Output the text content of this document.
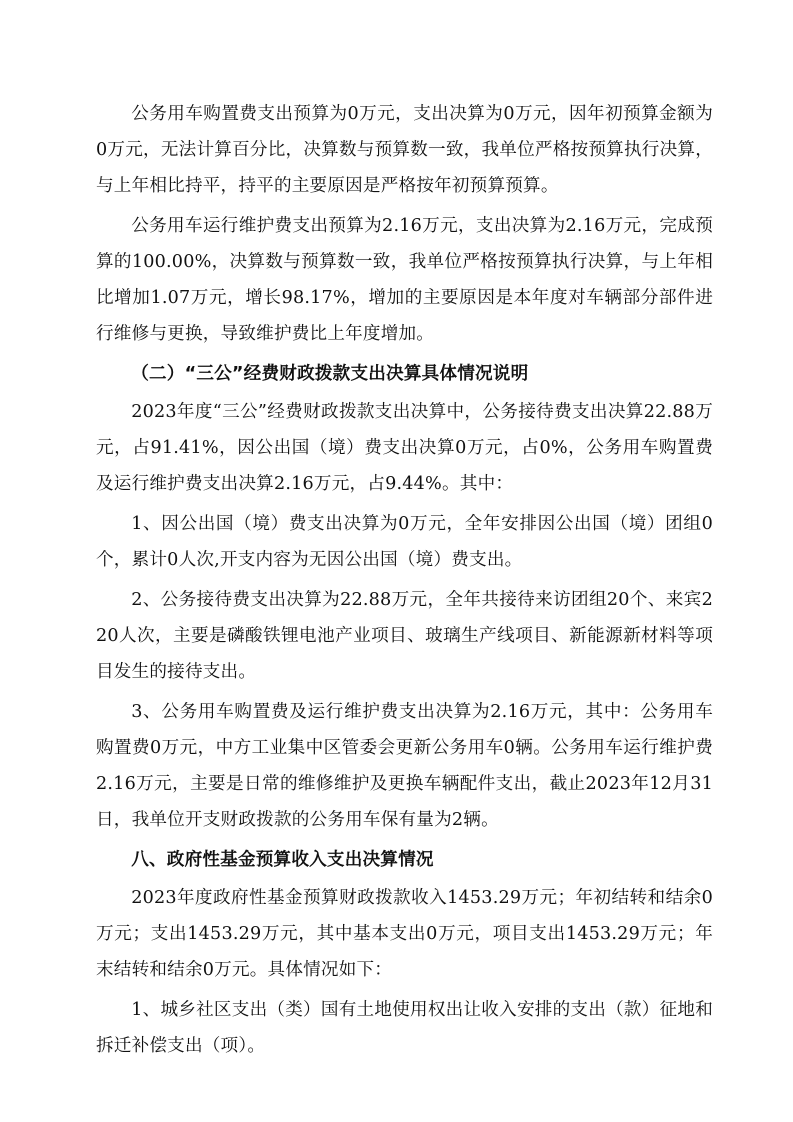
公务用车购置费支出预算为0万元，支出决算为0万元，因年初预算金额为0万元，无法计算百分比，决算数与预算数一致，我单位严格按预算执行决算，与上年相比持平，持平的主要原因是严格按年初预算预算。

公务用车运行维护费支出预算为2.16万元，支出决算为2.16万元，完成预算的100.00%，决算数与预算数一致，我单位严格按预算执行决算，与上年相比增加1.07万元，增长98.17%，增加的主要原因是本年度对车辆部分部件进行维修与更换，导致维护费比上年度增加。

（二）“三公”经费财政拨款支出决算具体情况说明

2023年度“三公”经费财政拨款支出决算中，公务接待费支出决算22.88万元，占91.41%，因公出国（境）费支出决算0万元，占0%，公务用车购置费及运行维护费支出决算2.16万元，占9.44%。其中：

1、因公出国（境）费支出决算为0万元，全年安排因公出国（境）团组0个，累计0人次,开支内容为无因公出国（境）费支出。

2、公务接待费支出决算为22.88万元，全年共接待来访团组20个、来宾220人次，主要是磷酸铁锂电池产业项目、玻璃生产线项目、新能源新材料等项目发生的接待支出。

3、公务用车购置费及运行维护费支出决算为2.16万元，其中：公务用车购置费0万元，中方工业集中区管委会更新公务用车0辆。公务用车运行维护费2.16万元，主要是日常的维修维护及更换车辆配件支出，截止2023年12月31日，我单位开支财政拨款的公务用车保有量为2辆。

八、政府性基金预算收入支出决算情况

2023年度政府性基金预算财政拨款收入1453.29万元；年初结转和结余0万元；支出1453.29万元，其中基本支出0万元，项目支出1453.29万元；年末结转和结余0万元。具体情况如下：

1、城乡社区支出（类）国有土地使用权出让收入安排的支出（款）征地和拆迁补偿支出（项）。
